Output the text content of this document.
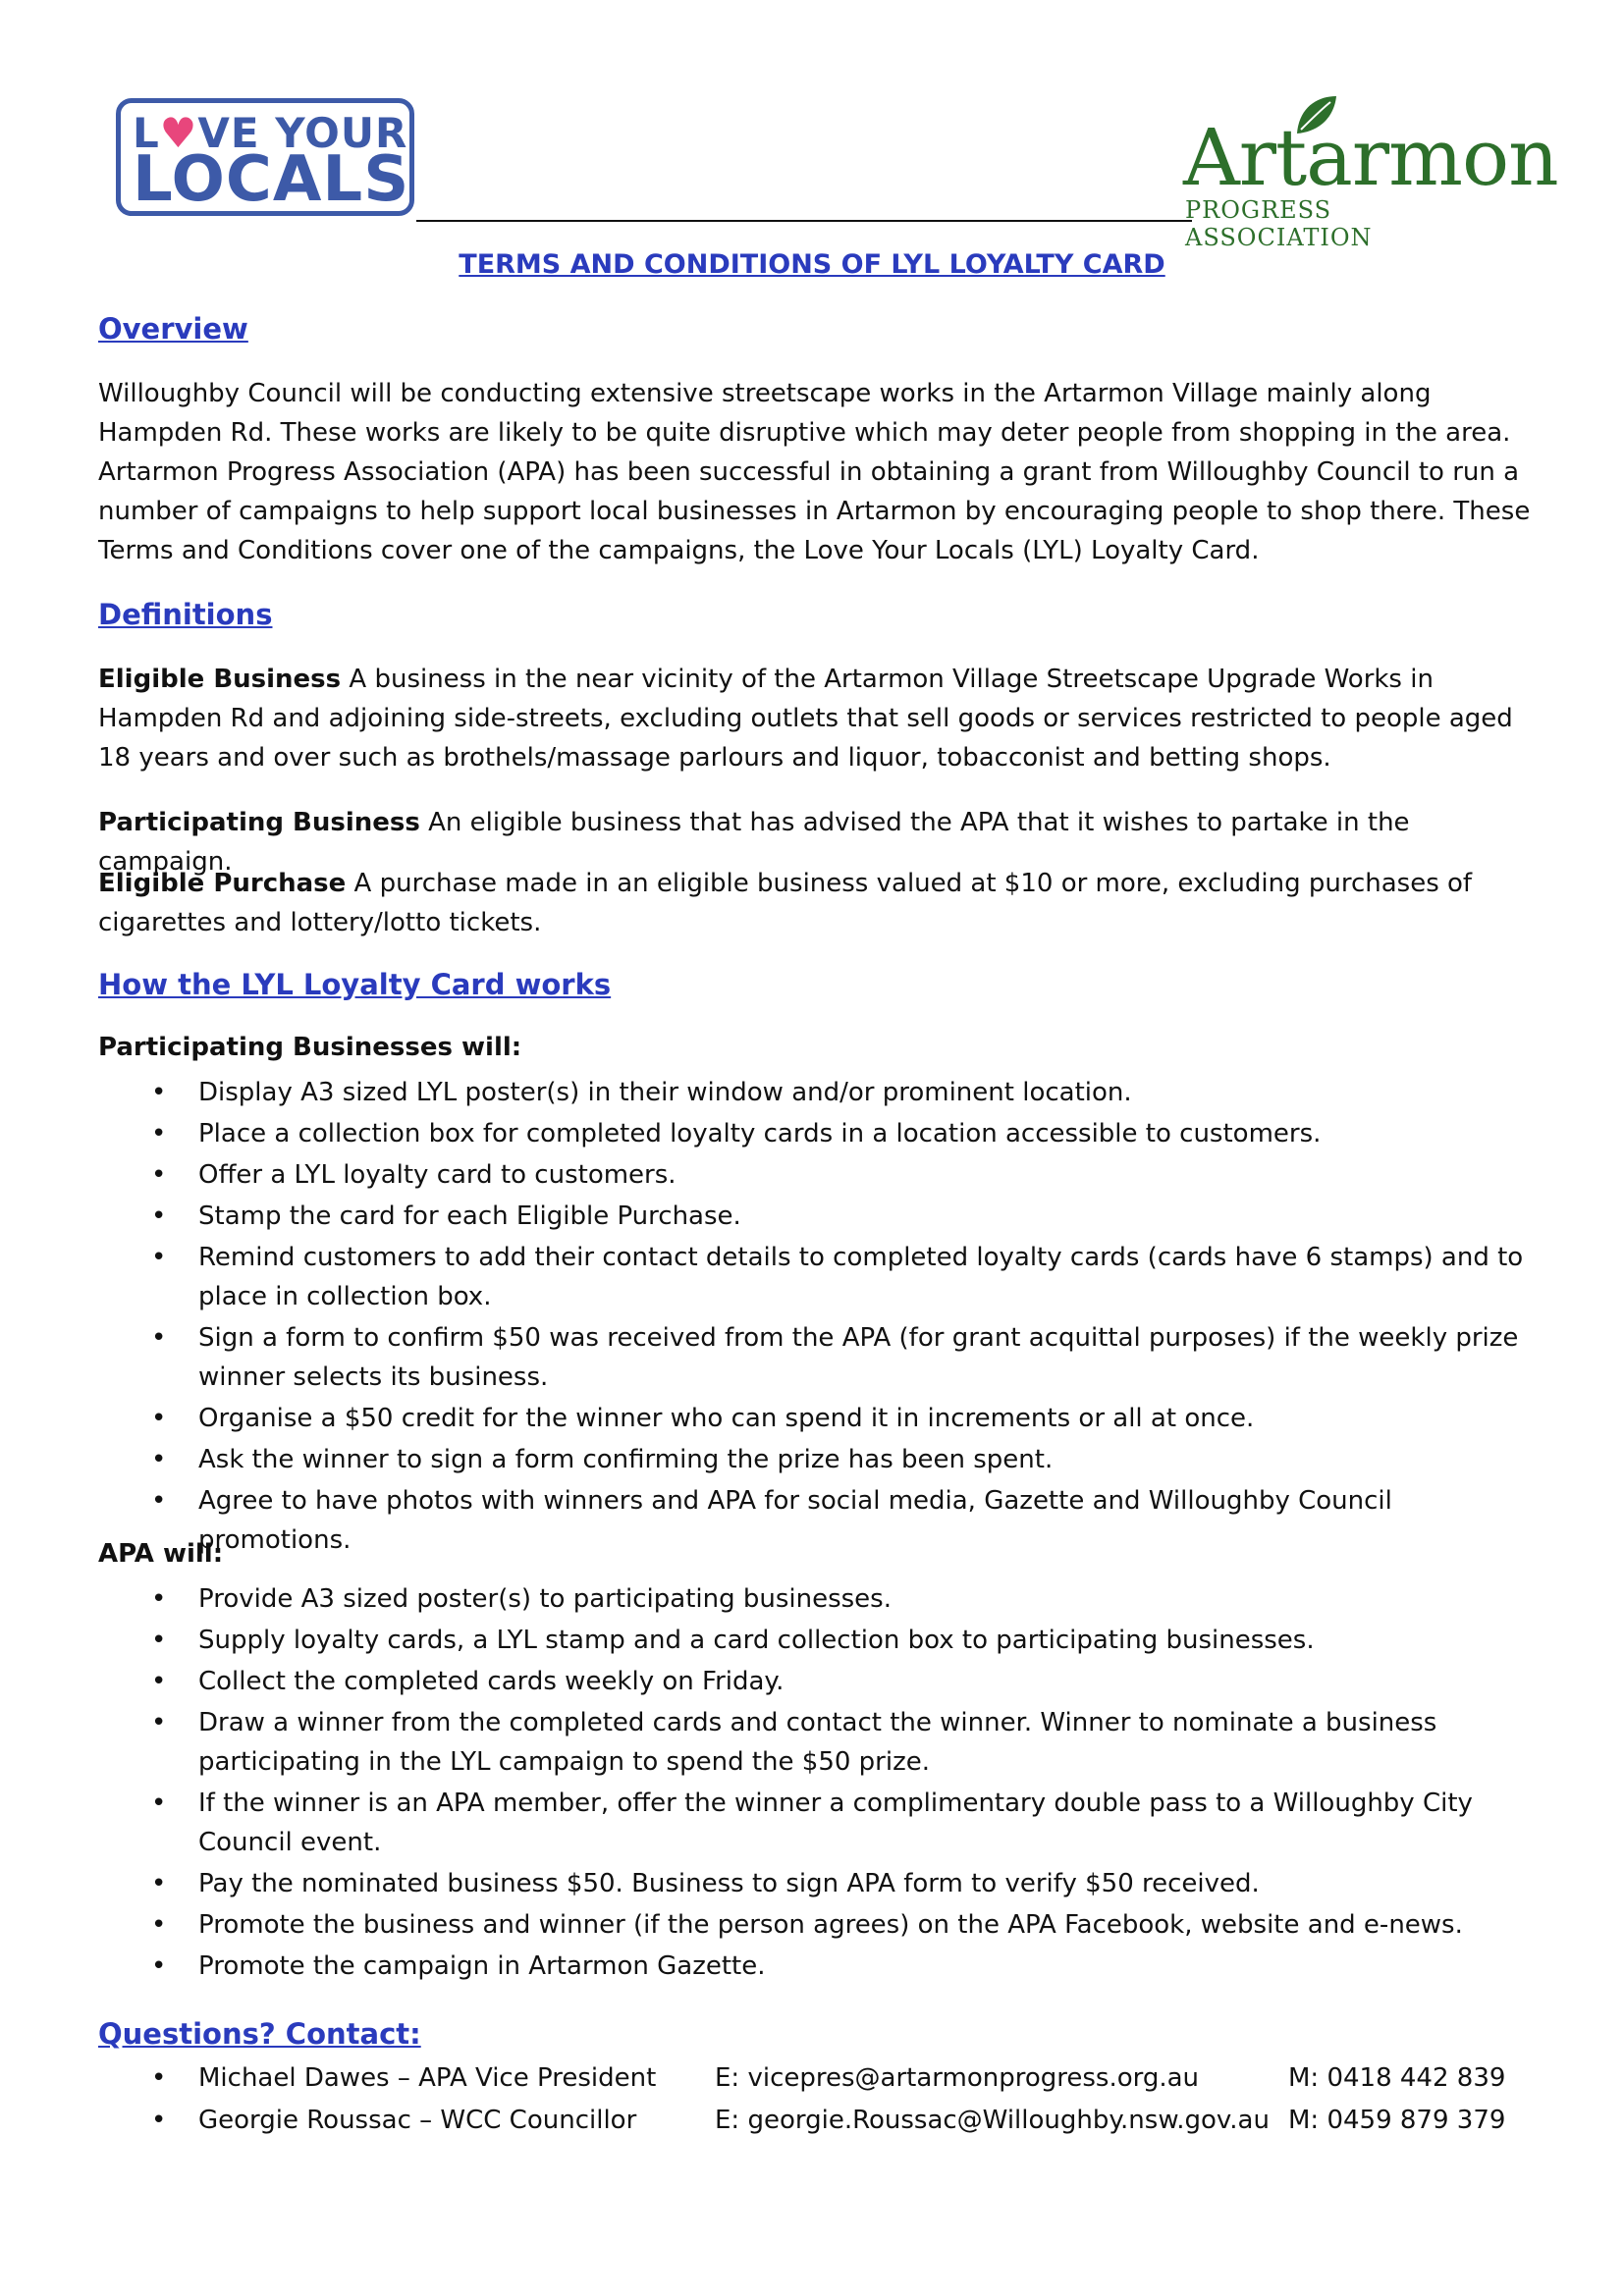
L♥VE YOUR
LOCALS	Artarmon
PROGRESS ASSOCIATION
TERMS AND CONDITIONS OF LYL LOYALTY CARD
Overview

Willoughby Council will be conducting extensive streetscape works in the Artarmon Village mainly along Hampden Rd. These works are likely to be quite disruptive which may deter people from shopping in the area. Artarmon Progress Association (APA) has been successful in obtaining a grant from Willoughby Council to run a number of campaigns to help support local businesses in Artarmon by encouraging people to shop there. These Terms and Conditions cover one of the campaigns, the Love Your Locals (LYL) Loyalty Card.

Definitions

Eligible Business A business in the near vicinity of the Artarmon Village Streetscape Upgrade Works in Hampden Rd and adjoining side-streets, excluding outlets that sell goods or services restricted to people aged 18 years and over such as brothels/massage parlours and liquor, tobacconist and betting shops.

Participating Business An eligible business that has advised the APA that it wishes to partake in the campaign.

Eligible Purchase A purchase made in an eligible business valued at $10 or more, excluding purchases of cigarettes and lottery/lotto tickets.

How the LYL Loyalty Card works
Participating Businesses will:
• Display A3 sized LYL poster(s) in their window and/or prominent location.
• Place a collection box for completed loyalty cards in a location accessible to customers.
• Offer a LYL loyalty card to customers.
• Stamp the card for each Eligible Purchase.
• Remind customers to add their contact details to completed loyalty cards (cards have 6 stamps) and to place in collection box.
• Sign a form to confirm $50 was received from the APA (for grant acquittal purposes) if the weekly prize winner selects its business.
• Organise a $50 credit for the winner who can spend it in increments or all at once.
• Ask the winner to sign a form confirming the prize has been spent.
• Agree to have photos with winners and APA for social media, Gazette and Willoughby Council promotions.
APA will:
• Provide A3 sized poster(s) to participating businesses.
• Supply loyalty cards, a LYL stamp and a card collection box to participating businesses.
• Collect the completed cards weekly on Friday.
• Draw a winner from the completed cards and contact the winner. Winner to nominate a business participating in the LYL campaign to spend the $50 prize.
• If the winner is an APA member, offer the winner a complimentary double pass to a Willoughby City Council event.
• Pay the nominated business $50. Business to sign APA form to verify $50 received.
• Promote the business and winner (if the person agrees) on the APA Facebook, website and e-news.
• Promote the campaign in Artarmon Gazette.
Questions? Contact:
• Michael Dawes – APA Vice President E: vicepres@artarmonprogress.org.au	M: 0418 442 839
• Georgie Roussac – WCC Councillor	E: georgie.Roussac@Willoughby.nsw.gov.au M: 0459 879 379
